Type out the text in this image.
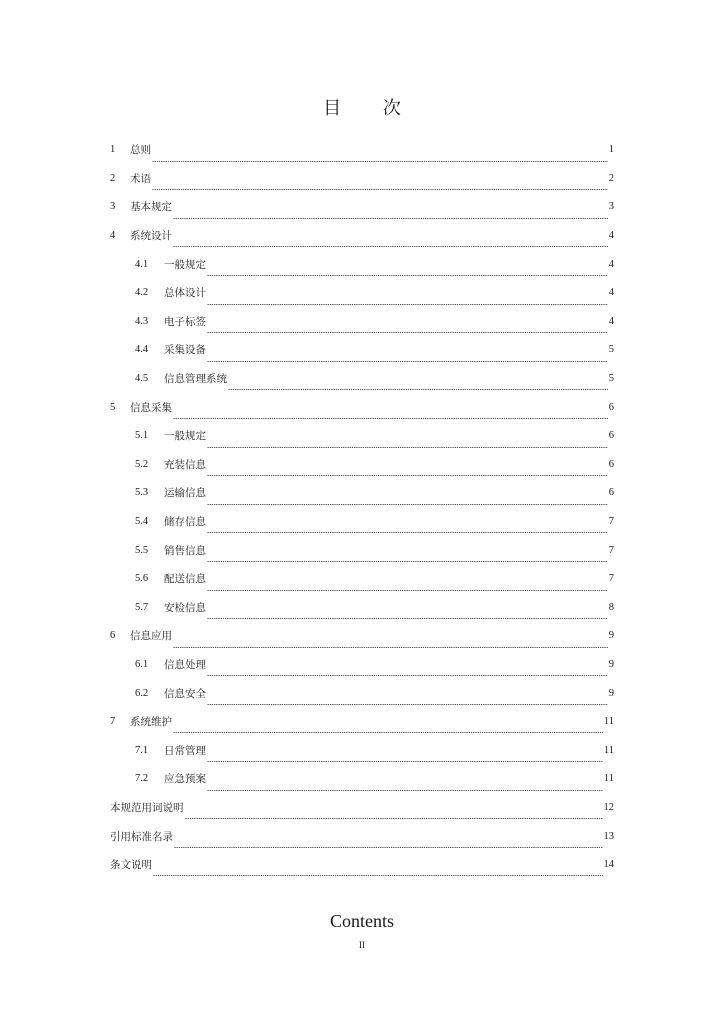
目 次
1	总则	1
2	术语	2
3	基本规定	3
4	系统设计	4
4.1	一般规定	4
4.2	总体设计	4
4.3	电子标签	4
4.4	采集设备	5
4.5	信息管理系统	5
5	信息采集	6
5.1	一般规定	6
5.2	充装信息	6
5.3	运输信息	6
5.4	储存信息	7
5.5	销售信息	7
5.6	配送信息	7
5.7	安检信息	8
6	信息应用	9
6.1	信息处理	9
6.2	信息安全	9
7	系统维护	11
7.1	日常管理	11
7.2	应急预案	11
本规范用词说明	12
引用标准名录	13
条文说明	14
Contents
II
